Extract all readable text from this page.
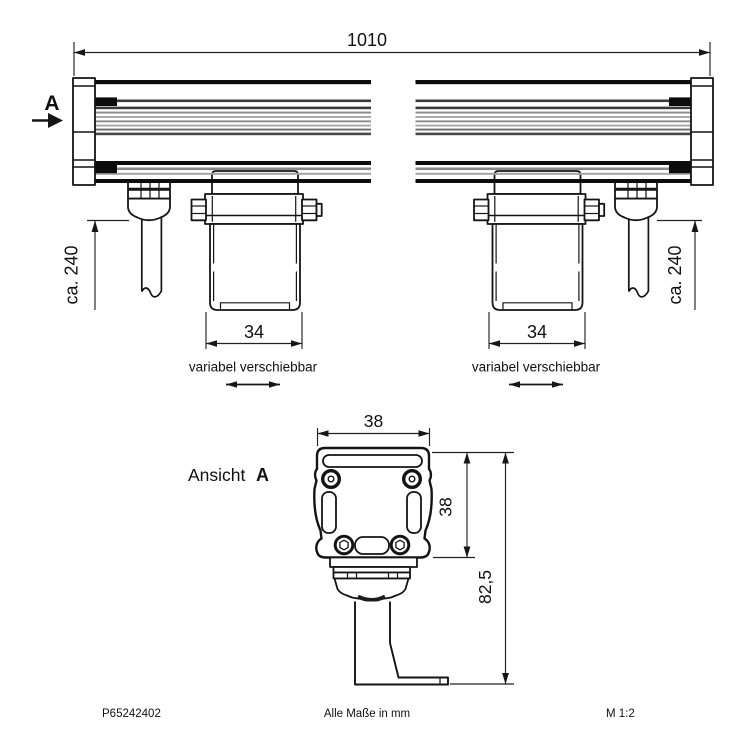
1010
A
ca. 240	ca. 240
34
variabel verschiebbar
34
variabel verschiebbar
Ansicht A
38
38
82,5
P65242402	Alle Maße in mm	M 1:2
